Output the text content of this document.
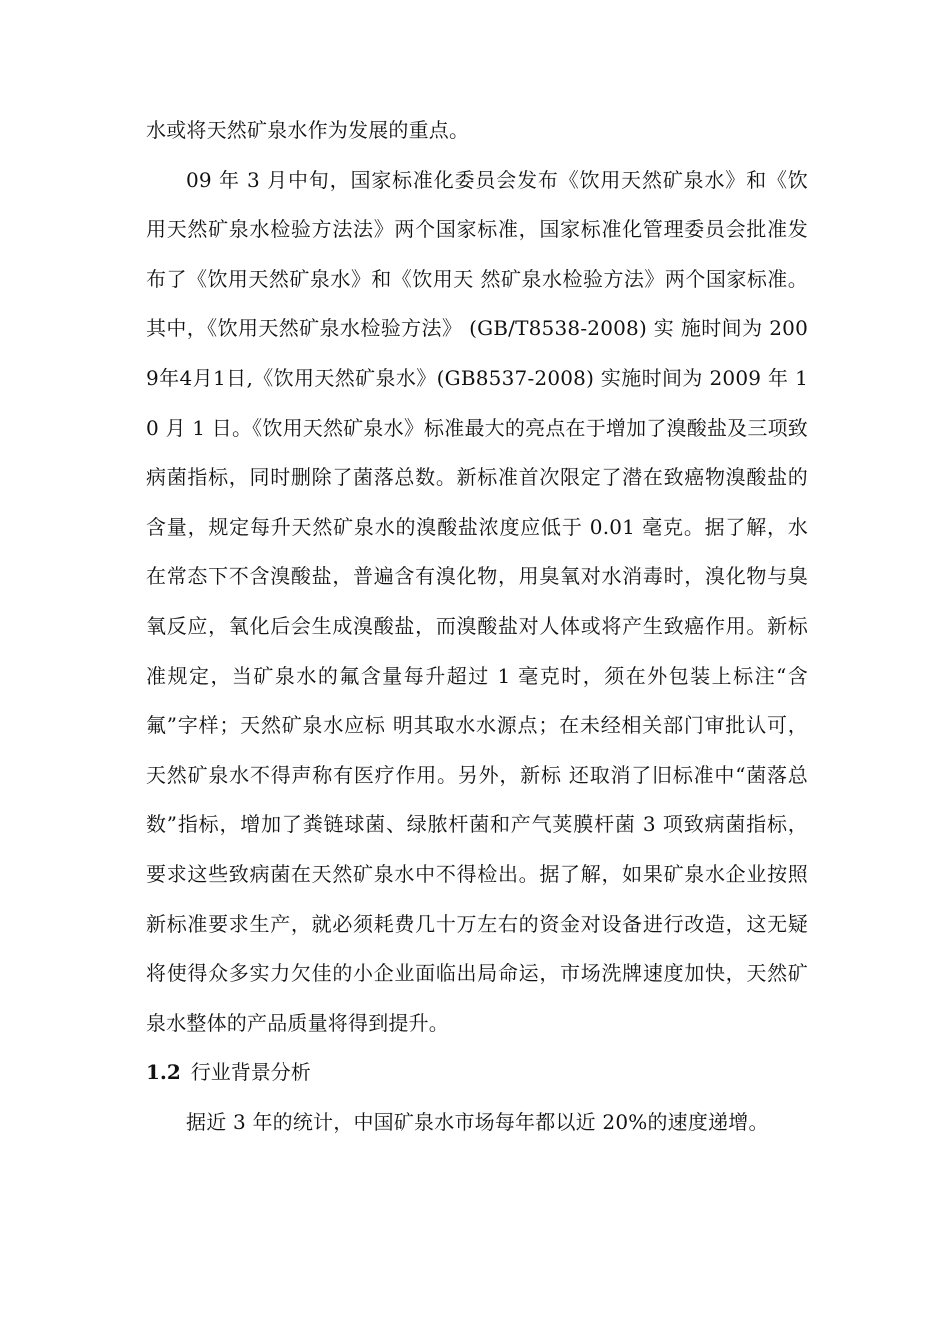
水或将天然矿泉水作为发展的重点。

09 年 3 月中旬，国家标准化委员会发布《饮用天然矿泉水》和《饮用天然矿泉水检验方法法》两个国家标准，国家标准化管理委员会批准发布了《饮用天然矿泉水》和《饮用天 然矿泉水检验方法》两个国家标准。其中，《饮用天然矿泉水检验方法》 (GB/T8538-2008) 实 施时间为 2009年4月1日,《饮用天然矿泉水》(GB8537-2008) 实施时间为 2009 年 10 月 1 日。《饮用天然矿泉水》标准最大的亮点在于增加了溴酸盐及三项致病菌指标，同时删除了菌落总数。新标准首次限定了潜在致癌物溴酸盐的含量，规定每升天然矿泉水的溴酸盐浓度应低于 0.01 毫克。据了解，水在常态下不含溴酸盐，普遍含有溴化物，用臭氧对水消毒时，溴化物与臭氧反应，氧化后会生成溴酸盐，而溴酸盐对人体或将产生致癌作用。新标准规定，当矿泉水的氟含量每升超过 1 毫克时，须在外包装上标注“含氟”字样；天然矿泉水应标 明其取水水源点；在未经相关部门审批认可，天然矿泉水不得声称有医疗作用。另外，新标 还取消了旧标准中“菌落总数”指标，增加了粪链球菌、绿脓杆菌和产气荚膜杆菌 3 项致病菌指标，要求这些致病菌在天然矿泉水中不得检出。据了解，如果矿泉水企业按照新标准要求生产，就必须耗费几十万左右的资金对设备进行改造，这无疑将使得众多实力欠佳的小企业面临出局命运，市场洗牌速度加快，天然矿泉水整体的产品质量将得到提升。

1.2 行业背景分析

据近 3 年的统计，中国矿泉水市场每年都以近 20%的速度递增。
